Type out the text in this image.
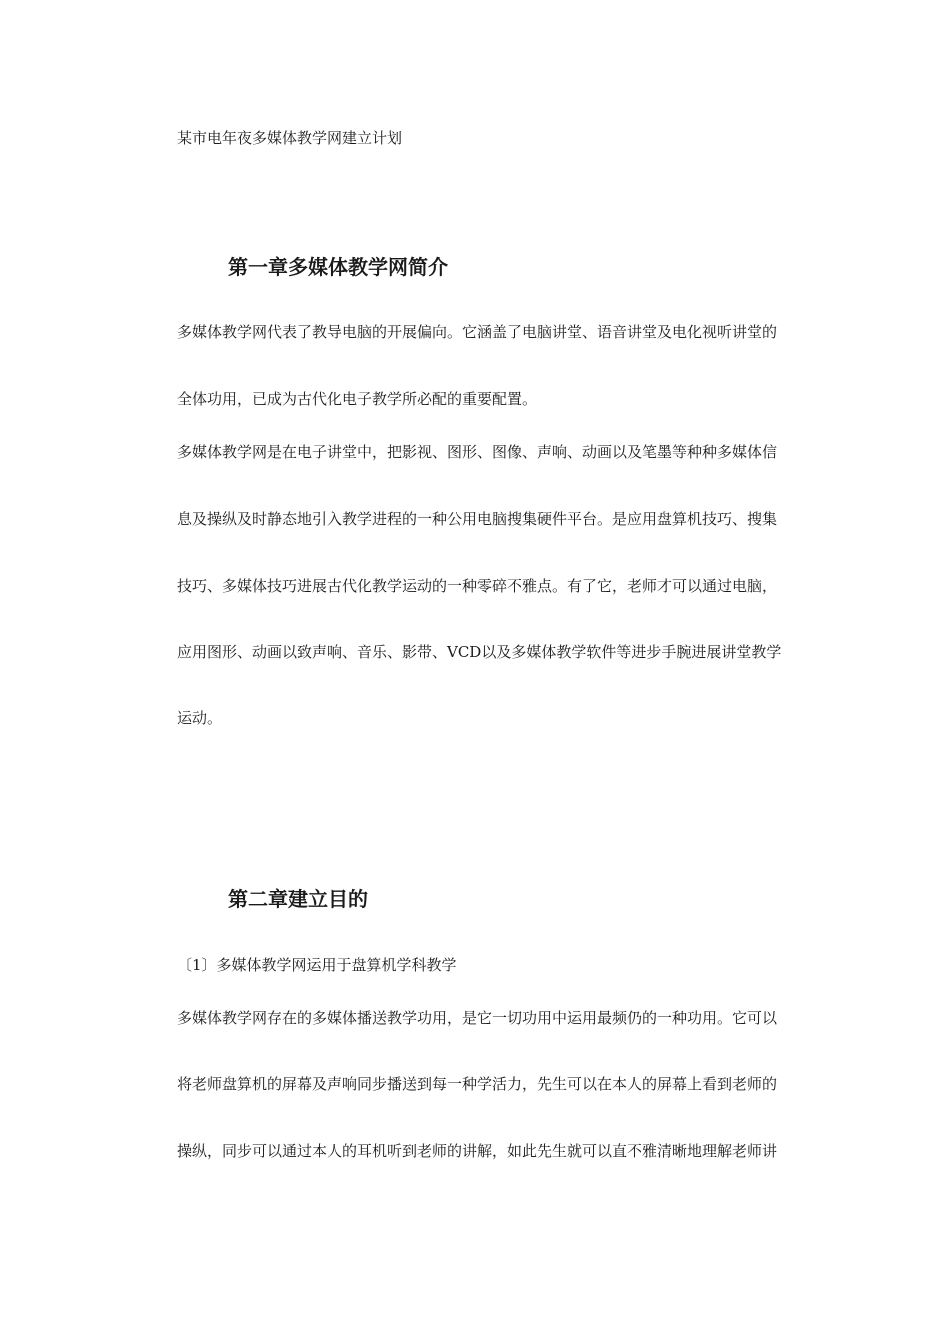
某市电年夜多媒体教学网建立计划
第一章多媒体教学网简介
多媒体教学网代表了教导电脑的开展偏向。它涵盖了电脑讲堂、语音讲堂及电化视听讲堂的
全体功用，已成为古代化电子教学所必配的重要配置。
多媒体教学网是在电子讲堂中，把影视、图形、图像、声响、动画以及笔墨等种种多媒体信
息及操纵及时静态地引入教学进程的一种公用电脑搜集硬件平台。是应用盘算机技巧、搜集
技巧、多媒体技巧进展古代化教学运动的一种零碎不雅点。有了它，老师才可以通过电脑，
应用图形、动画以致声响、音乐、影带、VCD以及多媒体教学软件等进步手腕进展讲堂教学
运动。
第二章建立目的
〔1〕多媒体教学网运用于盘算机学科教学
多媒体教学网存在的多媒体播送教学功用，是它一切功用中运用最频仍的一种功用。它可以
将老师盘算机的屏幕及声响同步播送到每一种学活力，先生可以在本人的屏幕上看到老师的
操纵，同步可以通过本人的耳机听到老师的讲解，如此先生就可以直不雅清晰地理解老师讲
